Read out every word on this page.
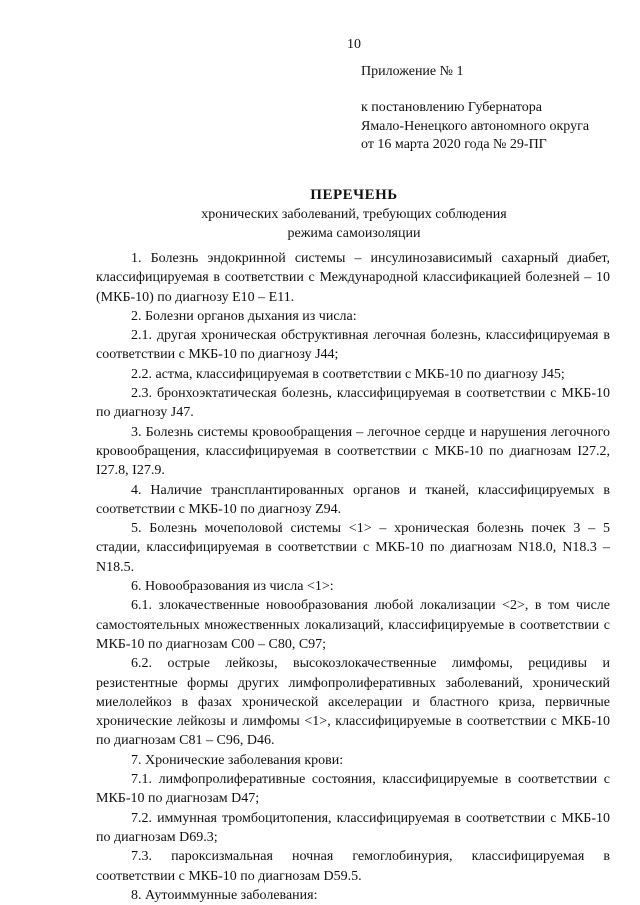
10
Приложение № 1
к постановлению Губернатора
Ямало-Ненецкого автономного округа
от 16 марта 2020 года № 29-ПГ
ПЕРЕЧЕНЬ
хронических заболеваний, требующих соблюдения
режима самоизоляции

1. Болезнь эндокринной системы – инсулинозависимый сахарный диабет, классифицируемая в соответствии с Международной классификацией болезней – 10 (МКБ-10) по диагнозу E10 – E11.

2. Болезни органов дыхания из числа:

2.1. другая хроническая обструктивная легочная болезнь, классифицируемая в соответствии с МКБ-10 по диагнозу J44;

2.2. астма, классифицируемая в соответствии с МКБ-10 по диагнозу J45;

2.3. бронхоэктатическая болезнь, классифицируемая в соответствии с МКБ-10 по диагнозу J47.

3. Болезнь системы кровообращения – легочное сердце и нарушения легочного кровообращения, классифицируемая в соответствии с МКБ-10 по диагнозам I27.2, I27.8, I27.9.

4. Наличие трансплантированных органов и тканей, классифицируемых в соответствии с МКБ-10 по диагнозу Z94.

5. Болезнь мочеполовой системы <1> – хроническая болезнь почек 3 – 5 стадии, классифицируемая в соответствии с МКБ-10 по диагнозам N18.0, N18.3 – N18.5.

6. Новообразования из числа <1>:

6.1. злокачественные новообразования любой локализации <2>, в том числе самостоятельных множественных локализаций, классифицируемые в соответствии с МКБ-10 по диагнозам C00 – C80, C97;

6.2. острые лейкозы, высокозлокачественные лимфомы, рецидивы и резистентные формы других лимфопролиферативных заболеваний, хронический миелолейкоз в фазах хронической акселерации и бластного криза, первичные хронические лейкозы и лимфомы <1>, классифицируемые в соответствии с МКБ-10 по диагнозам C81 – C96, D46.

7. Хронические заболевания крови:

7.1. лимфопролиферативные состояния, классифицируемые в соответствии с МКБ-10 по диагнозам D47;

7.2. иммунная тромбоцитопения, классифицируемая в соответствии с МКБ-10 по диагнозам D69.3;

7.3. пароксизмальная ночная гемоглобинурия, классифицируемая в соответствии с МКБ-10 по диагнозам D59.5.

8. Аутоиммунные заболевания:
